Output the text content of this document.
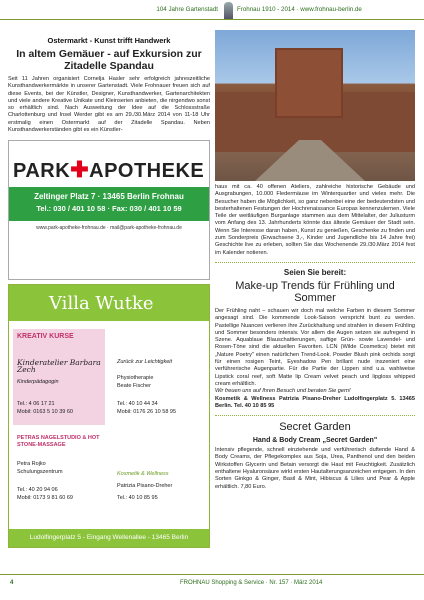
104 Jahre Gartenstadt	Frohnau 1910 - 2014 · www.frohnau-berlin.de
Ostermarkt - Kunst trifft Handwerk
In altem Gemäuer - auf Exkursion zur Zitadelle Spandau
Seit 11 Jahren organisiert Cornelja Hasler sehr erfolgreich jahreszeitliche Kunsthandwerkermärkte in unserer Gartenstadt. Viele Frohnauer freuen sich auf diese Events, bei der Künstler, Designer, Kunsthandwerker, Gartenarchitekten und viele andere Kreative Unikate und Kleinserien anbieten, die nirgendwo sonst so erhältlich sind. Nach Ausweitung der Idee auf die Schlossstraße Charlottenburg und Insel Werder gibt es am 29./30.März 2014 von 11-18 Uhr erstmalig einen Ostermarkt auf der Zitadelle Spandau. Neben Kunsthandwerkerständen gibt es ein Künstler-
PARK✚APOTHEKE
Zeltinger Platz 7 · 13465 Berlin Frohnau
Tel.: 030 / 401 10 58 · Fax: 030 / 401 10 59
www.park-apotheke-frohnau.de · mail@park-apotheke-frohnau.de
Villa Wutke
KREATIV KURSE
Kinderatelier Barbara Zech
Kinderpädagogin
Tel.: 4 06 17 21
Mobil: 0163 5 10 39 60
Zurück zur Leichtigkeit
Physiotherapie
Beate Fischer
Tel.: 40 10 44 34
Mobil: 0176 26 10 58 95
PETRAS NAGELSTUDIO & HOT STONE-MASSAGE
Petra Rojko
Schulungszentrum
Tel.: 40 20 94 06
Mobil: 0173 9 81 60 69
Kosmetik & Wellness
Patrizia Pisano-Dreher
Tel.: 40 10 85 95
Ludolfingerplatz 5 - Eingang Wellenallee - 13465 Berlin
haus mit ca. 40 offenen Ateliers, zahlreiche historische Gebäude und Ausgrabungen, 10.000 Fledermäuse im Winterquartier und vieles mehr. Die Besucher haben die Möglichkeit, so ganz nebenbei eine der bedeutendsten und besterhaltenen Festungen der Hochrenaissance Europas kennenzulernen. Viele Teile der weitläufigen Burganlage stammen aus dem Mittelalter, der Juliusturm vom Anfang des 13. Jahrhunderts könnte das älteste Gemäuer der Stadt sein. Wenn Sie Interesse daran haben, Kunst zu genießen, Geschenke zu finden und zum Sonderpreis (Erwachsene 3,-, Kinder und Jugendliche bis 14 Jahre frei) Geschichte live zu erleben, sollten Sie das Wochenende 29./30.März 2014 fest im Kalender notieren.
Seien Sie bereit:
Make-up Trends für Frühling und Sommer
Der Frühling naht – schauen wir doch mal welche Farben in diesem Sommer angesagt sind. Die kommende Look-Saison verspricht bunt zu werden. Pastellige Nuancen verlieren ihre Zurückhaltung und strahlen in diesem Frühling und Sommer besonders intensiv. Vor allem die Augen setzen sie aufregend in Szene. Aquablaue Blauschattierungen, saftige Grün- sowie Lavendel- und Rosen-Töne sind die aktuellen Favoriten. LCN (Wilde Cosmetics) bietet mit „Nature Poetry" einen natürlichen Trend-Look. Powder Blush pink orchids sorgt für einen rosigen Teint, Eyeshadow Pen brillant nude inszeniert eine verführerische Augenpartie. Für die Partie der Lippen sind u.a. wahlweise Lipstick coral reef, soft Matte lip Cream velvet peach und lipgloss whipped cream erhältlich.
Wir freuen uns auf Ihren Besuch und beraten Sie gern!
Kosmetik & Wellness Patrizia Pisano-Dreher Ludolfingerplatz 5. 13465 Berlin. Tel. 40 10 85 95
Secret Garden
Hand & Body Cream „Secret Garden"
Intensiv pflegende, schnell einziehende und verführerisch duftende Hand & Body Creams, der Pflegekomplex aus Soja, Urea, Panthenol und den beiden Wirkstoffen Glycerin und Betain versorgt die Haut mit Feuchtigkeit. Zusätzlich enthaltene Hyaluronsäure wirkt ersten Hautalterungsanzeichen entgegen. In den Sorten Ginkgo & Ginger, Basil & Mint, Hibiscus & Lilies und Pear & Apple erhältlich. 7,80 Euro.
4	FROHNAU Shopping & Service · Nr. 157 · März 2014
